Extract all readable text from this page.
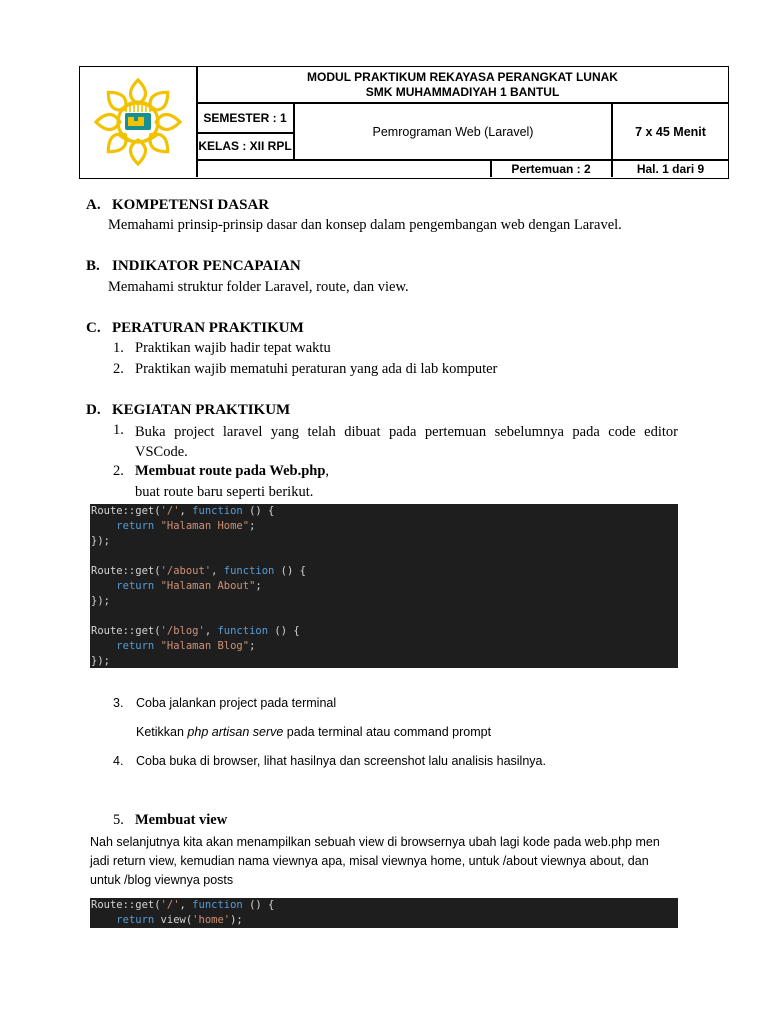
MODUL PRAKTIKUM REKAYASA PERANGKAT LUNAK
SMK MUHAMMADIYAH 1 BANTUL
SEMESTER : 1
KELAS : XII RPL
Pemrograman Web (Laravel)	7 x 45 Menit
Pertemuan : 2	Hal. 1 dari 9
A. KOMPETENSI DASAR
Memahami prinsip-prinsip dasar dan konsep dalam pengembangan web dengan Laravel.
B. INDIKATOR PENCAPAIAN
Memahami struktur folder Laravel, route, dan view.
C. PERATURAN PRAKTIKUM
1. Praktikan wajib hadir tepat waktu
2. Praktikan wajib mematuhi peraturan yang ada di lab komputer
D. KEGIATAN PRAKTIKUM
1. Buka project laravel yang telah dibuat pada pertemuan sebelumnya pada code editor VSCode.
2. Membuat route pada Web.php,
buat route baru seperti berikut.
Route::get('/', function () {
return "Halaman Home";
});

Route::get('/about', function () {
return "Halaman About";
});

Route::get('/blog', function () {
return "Halaman Blog";
});
3. Coba jalankan project pada terminal
Ketikkan php artisan serve pada terminal atau command prompt
4. Coba buka di browser, lihat hasilnya dan screenshot lalu analisis hasilnya.
5. Membuat view
Nah selanjutnya kita akan menampilkan sebuah view di browsernya ubah lagi kode pada web.php men
jadi return view, kemudian nama viewnya apa, misal viewnya home, untuk /about viewnya about, dan
untuk /blog viewnya posts
Route::get('/', function () {
return view('home');
